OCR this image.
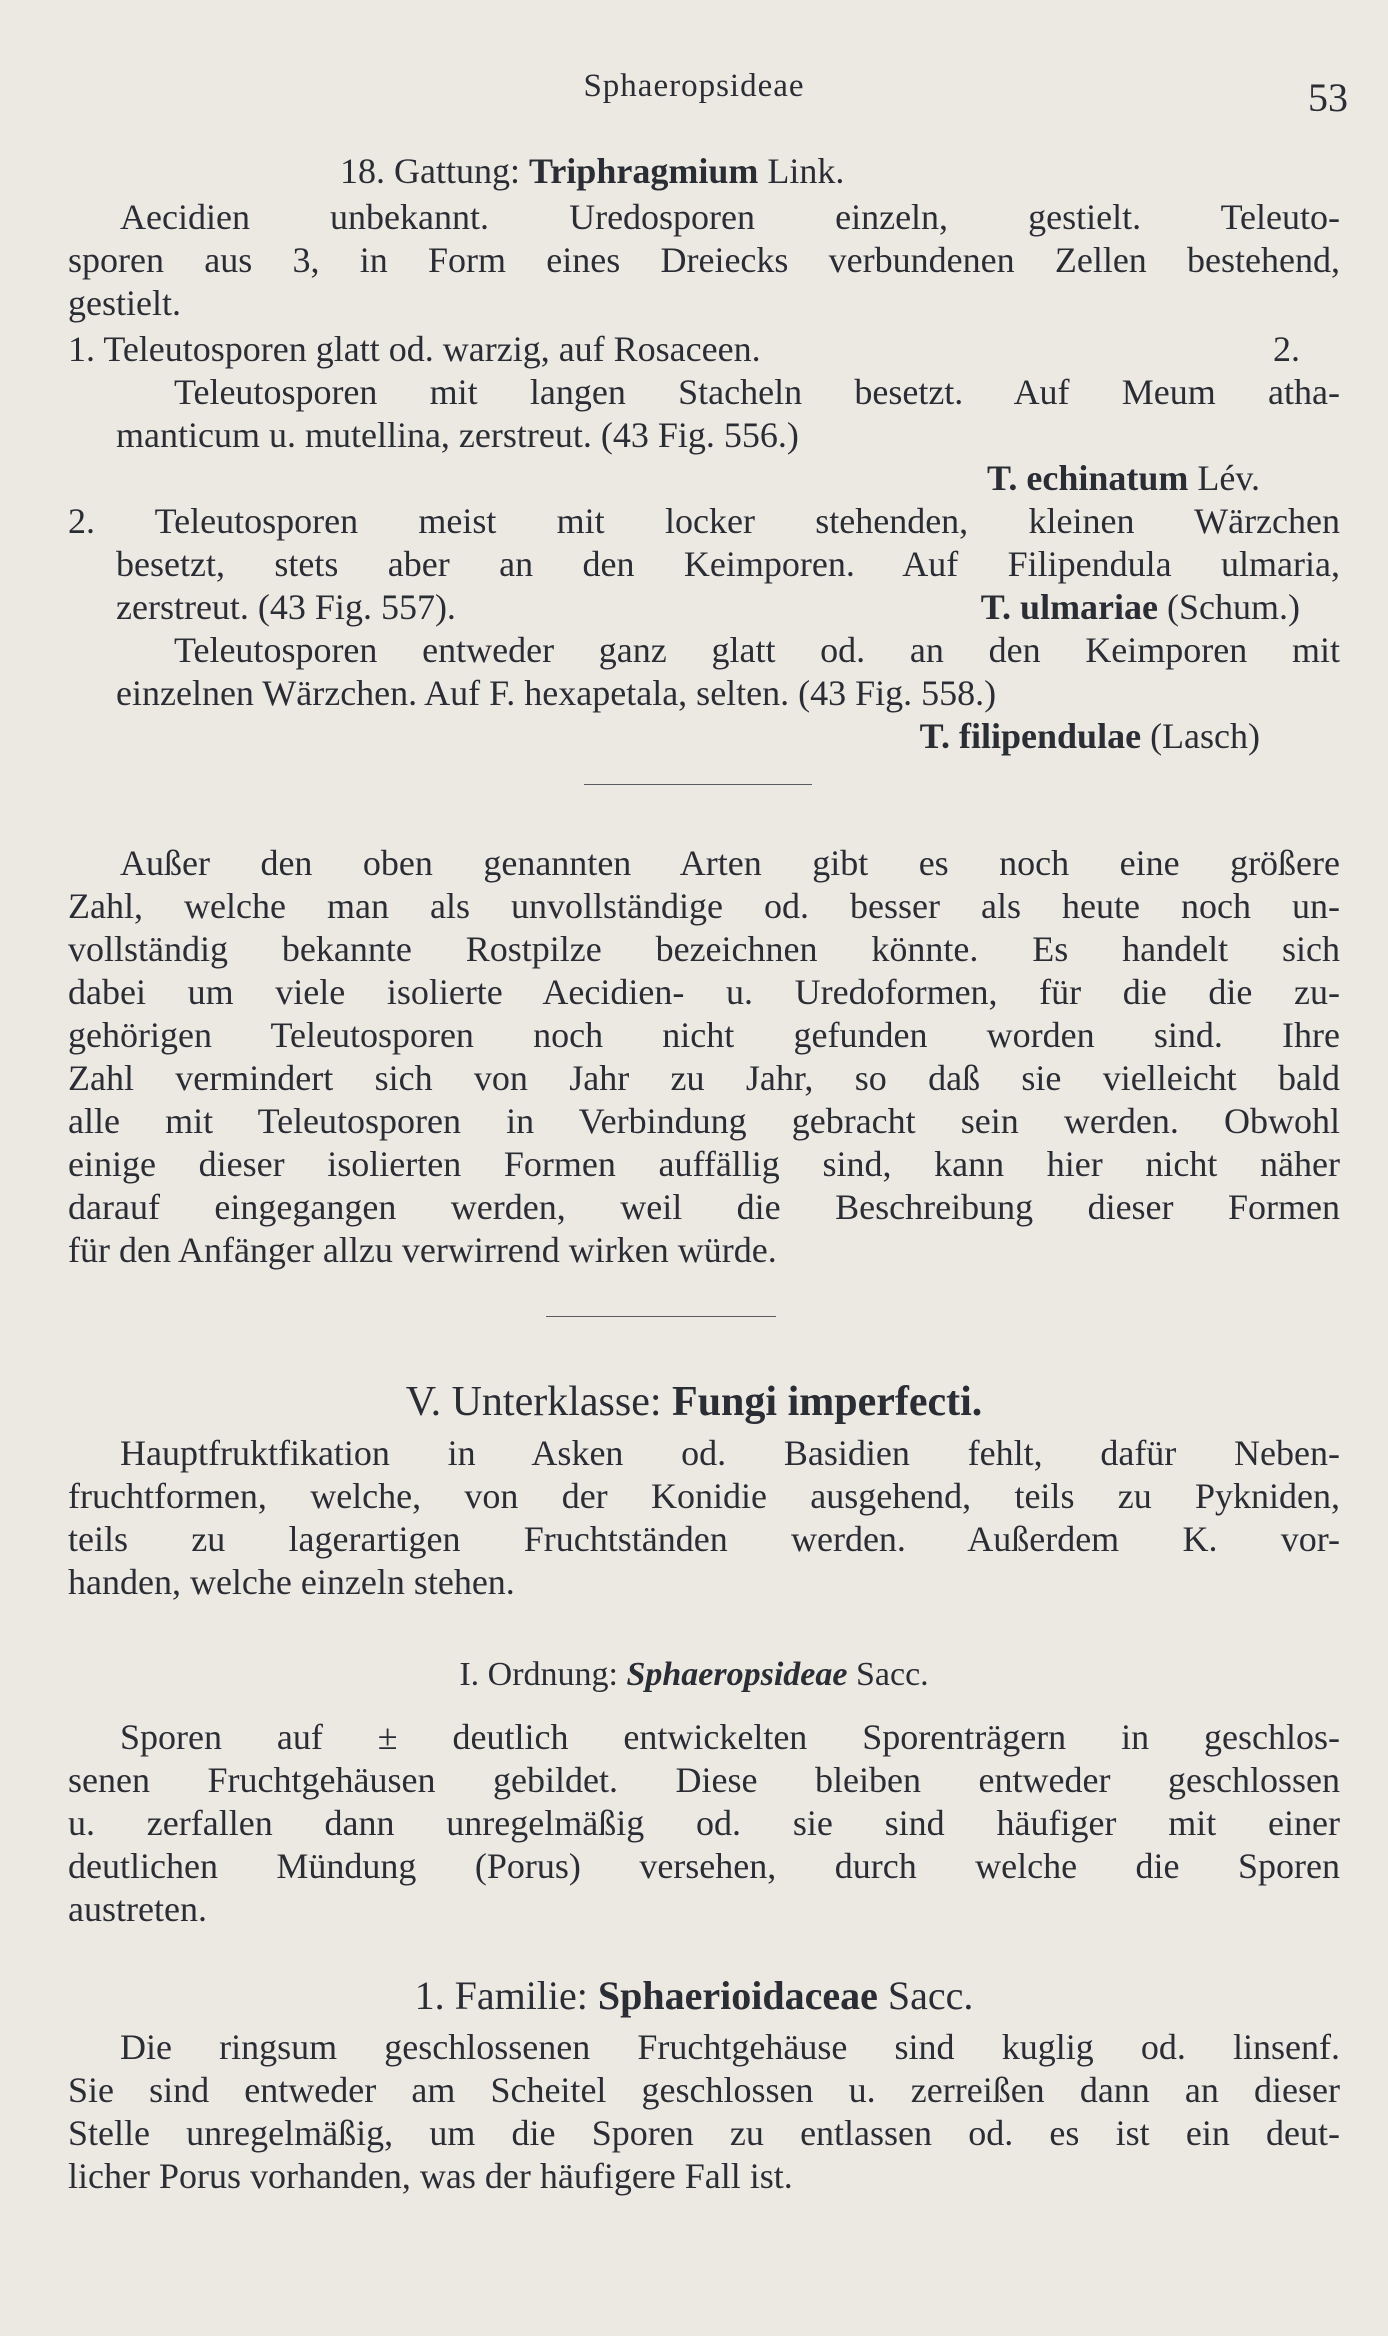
Sphaeropsideae	53
18. Gattung: Triphragmium Link.
Aecidien unbekannt. Uredosporen einzeln, gestielt. Teleuto-
sporen aus 3, in Form eines Dreiecks verbundenen Zellen bestehend,
gestielt.
1. Teleutosporen glatt od. warzig, auf Rosaceen.	2.
Teleutosporen mit langen Stacheln besetzt. Auf Meum atha-
manticum u. mutellina, zerstreut. (43 Fig. 556.)
T. echinatum Lév.
2. Teleutosporen meist mit locker stehenden, kleinen Wärzchen
besetzt, stets aber an den Keimporen. Auf Filipendula ulmaria,
zerstreut. (43 Fig. 557).	T. ulmariae (Schum.)
Teleutosporen entweder ganz glatt od. an den Keimporen mit
einzelnen Wärzchen. Auf F. hexapetala, selten. (43 Fig. 558.)
T. filipendulae (Lasch)
Außer den oben genannten Arten gibt es noch eine größere
Zahl, welche man als unvollständige od. besser als heute noch un-
vollständig bekannte Rostpilze bezeichnen könnte. Es handelt sich
dabei um viele isolierte Aecidien- u. Uredoformen, für die die zu-
gehörigen Teleutosporen noch nicht gefunden worden sind. Ihre
Zahl vermindert sich von Jahr zu Jahr, so daß sie vielleicht bald
alle mit Teleutosporen in Verbindung gebracht sein werden. Obwohl
einige dieser isolierten Formen auffällig sind, kann hier nicht näher
darauf eingegangen werden, weil die Beschreibung dieser Formen
für den Anfänger allzu verwirrend wirken würde.
V. Unterklasse: Fungi imperfecti.
Hauptfruktfikation in Asken od. Basidien fehlt, dafür Neben-
fruchtformen, welche, von der Konidie ausgehend, teils zu Pykniden,
teils zu lagerartigen Fruchtständen werden. Außerdem K. vor-
handen, welche einzeln stehen.
I. Ordnung: Sphaeropsideae Sacc.
Sporen auf ± deutlich entwickelten Sporenträgern in geschlos-
senen Fruchtgehäusen gebildet. Diese bleiben entweder geschlossen
u. zerfallen dann unregelmäßig od. sie sind häufiger mit einer
deutlichen Mündung (Porus) versehen, durch welche die Sporen
austreten.
1. Familie: Sphaerioidaceae Sacc.
Die ringsum geschlossenen Fruchtgehäuse sind kuglig od. linsenf.
Sie sind entweder am Scheitel geschlossen u. zerreißen dann an dieser
Stelle unregelmäßig, um die Sporen zu entlassen od. es ist ein deut-
licher Porus vorhanden, was der häufigere Fall ist.
